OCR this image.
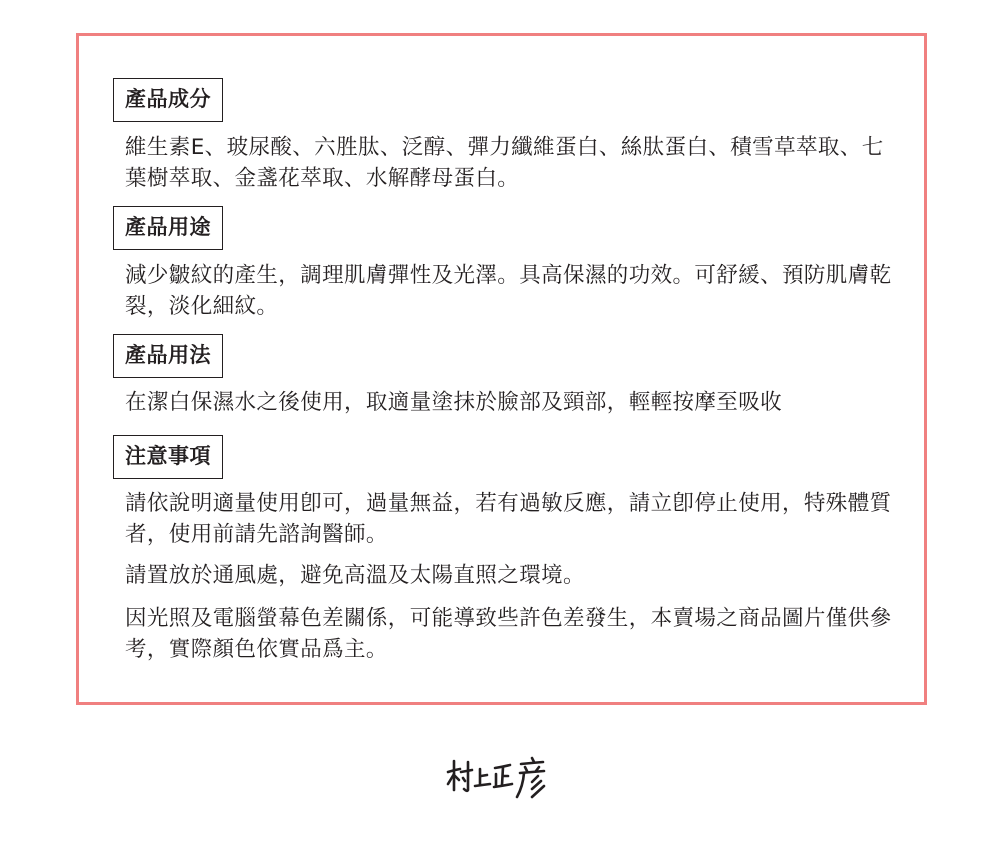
產品成分

維生素E、玻尿酸、六胜肽、泛醇、彈力纖維蛋白、絲肽蛋白、積雪草萃取、七葉樹萃取、金盞花萃取、水解酵母蛋白。

產品用途

減少皺紋的產生，調理肌膚彈性及光澤。具高保濕的功效。可舒緩、預防肌膚乾裂，淡化細紋。

產品用法

在潔白保濕水之後使用，取適量塗抹於臉部及頸部，輕輕按摩至吸收

注意事項

請依說明適量使用卽可，過量無益，若有過敏反應，請立卽停止使用，特殊體質者，使用前請先諮詢醫師。

請置放於通風處，避免高溫及太陽直照之環境。

因光照及電腦螢幕色差關係，可能導致些許色差發生，本賣場之商品圖片僅供參考，實際顏色依實品爲主。
